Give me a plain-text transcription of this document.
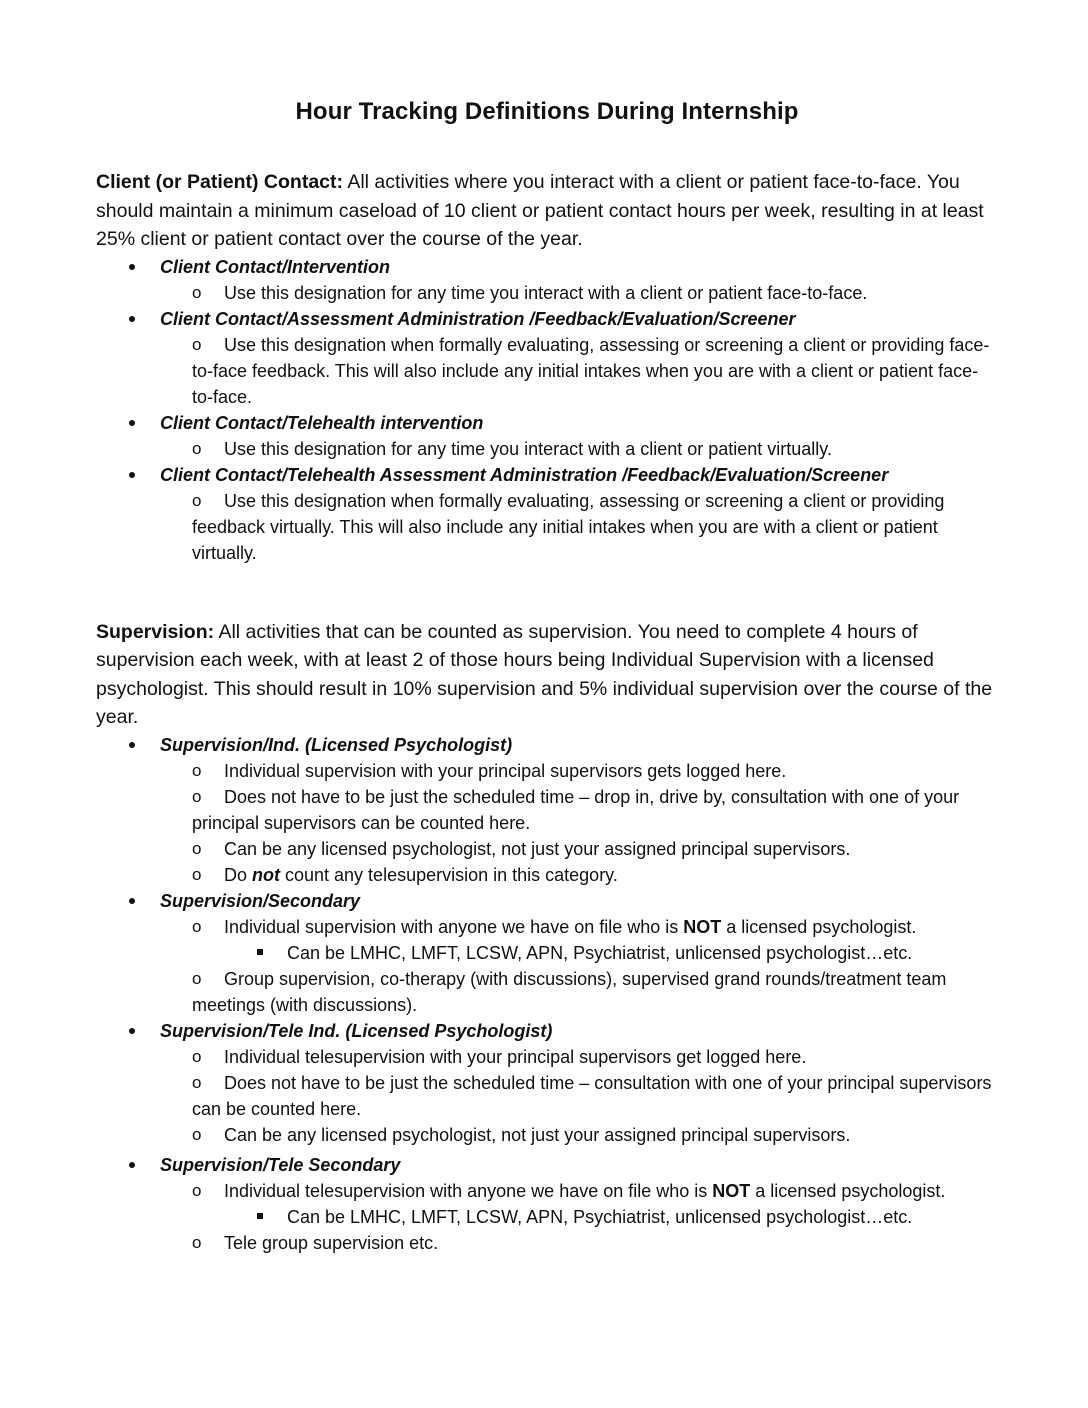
Hour Tracking Definitions During Internship

Client (or Patient) Contact: All activities where you interact with a client or patient face-to-face. You should maintain a minimum caseload of 10 client or patient contact hours per week, resulting in at least 25% client or patient contact over the course of the year.

Client Contact/Intervention
o Use this designation for any time you interact with a client or patient face-to-face.
Client Contact/Assessment Administration /Feedback/Evaluation/Screener
o Use this designation when formally evaluating, assessing or screening a client or providing face-to-face feedback. This will also include any initial intakes when you are with a client or patient face-to-face.
Client Contact/Telehealth intervention
o Use this designation for any time you interact with a client or patient virtually.
Client Contact/Telehealth Assessment Administration /Feedback/Evaluation/Screener
o Use this designation when formally evaluating, assessing or screening a client or providing feedback virtually. This will also include any initial intakes when you are with a client or patient virtually.

Supervision: All activities that can be counted as supervision. You need to complete 4 hours of supervision each week, with at least 2 of those hours being Individual Supervision with a licensed psychologist. This should result in 10% supervision and 5% individual supervision over the course of the year.

Supervision/Ind. (Licensed Psychologist)
o Individual supervision with your principal supervisors gets logged here.
o Does not have to be just the scheduled time – drop in, drive by, consultation with one of your principal supervisors can be counted here.
o Can be any licensed psychologist, not just your assigned principal supervisors.
o Do not count any telesupervision in this category.
Supervision/Secondary
o Individual supervision with anyone we have on file who is NOT a licensed psychologist.
Can be LMHC, LMFT, LCSW, APN, Psychiatrist, unlicensed psychologist…etc.
o Group supervision, co-therapy (with discussions), supervised grand rounds/treatment team meetings (with discussions).
Supervision/Tele Ind. (Licensed Psychologist)
o Individual telesupervision with your principal supervisors get logged here.
o Does not have to be just the scheduled time – consultation with one of your principal supervisors can be counted here.
o Can be any licensed psychologist, not just your assigned principal supervisors.
Supervision/Tele Secondary
o Individual telesupervision with anyone we have on file who is NOT a licensed psychologist.
Can be LMHC, LMFT, LCSW, APN, Psychiatrist, unlicensed psychologist…etc.
o Tele group supervision etc.
